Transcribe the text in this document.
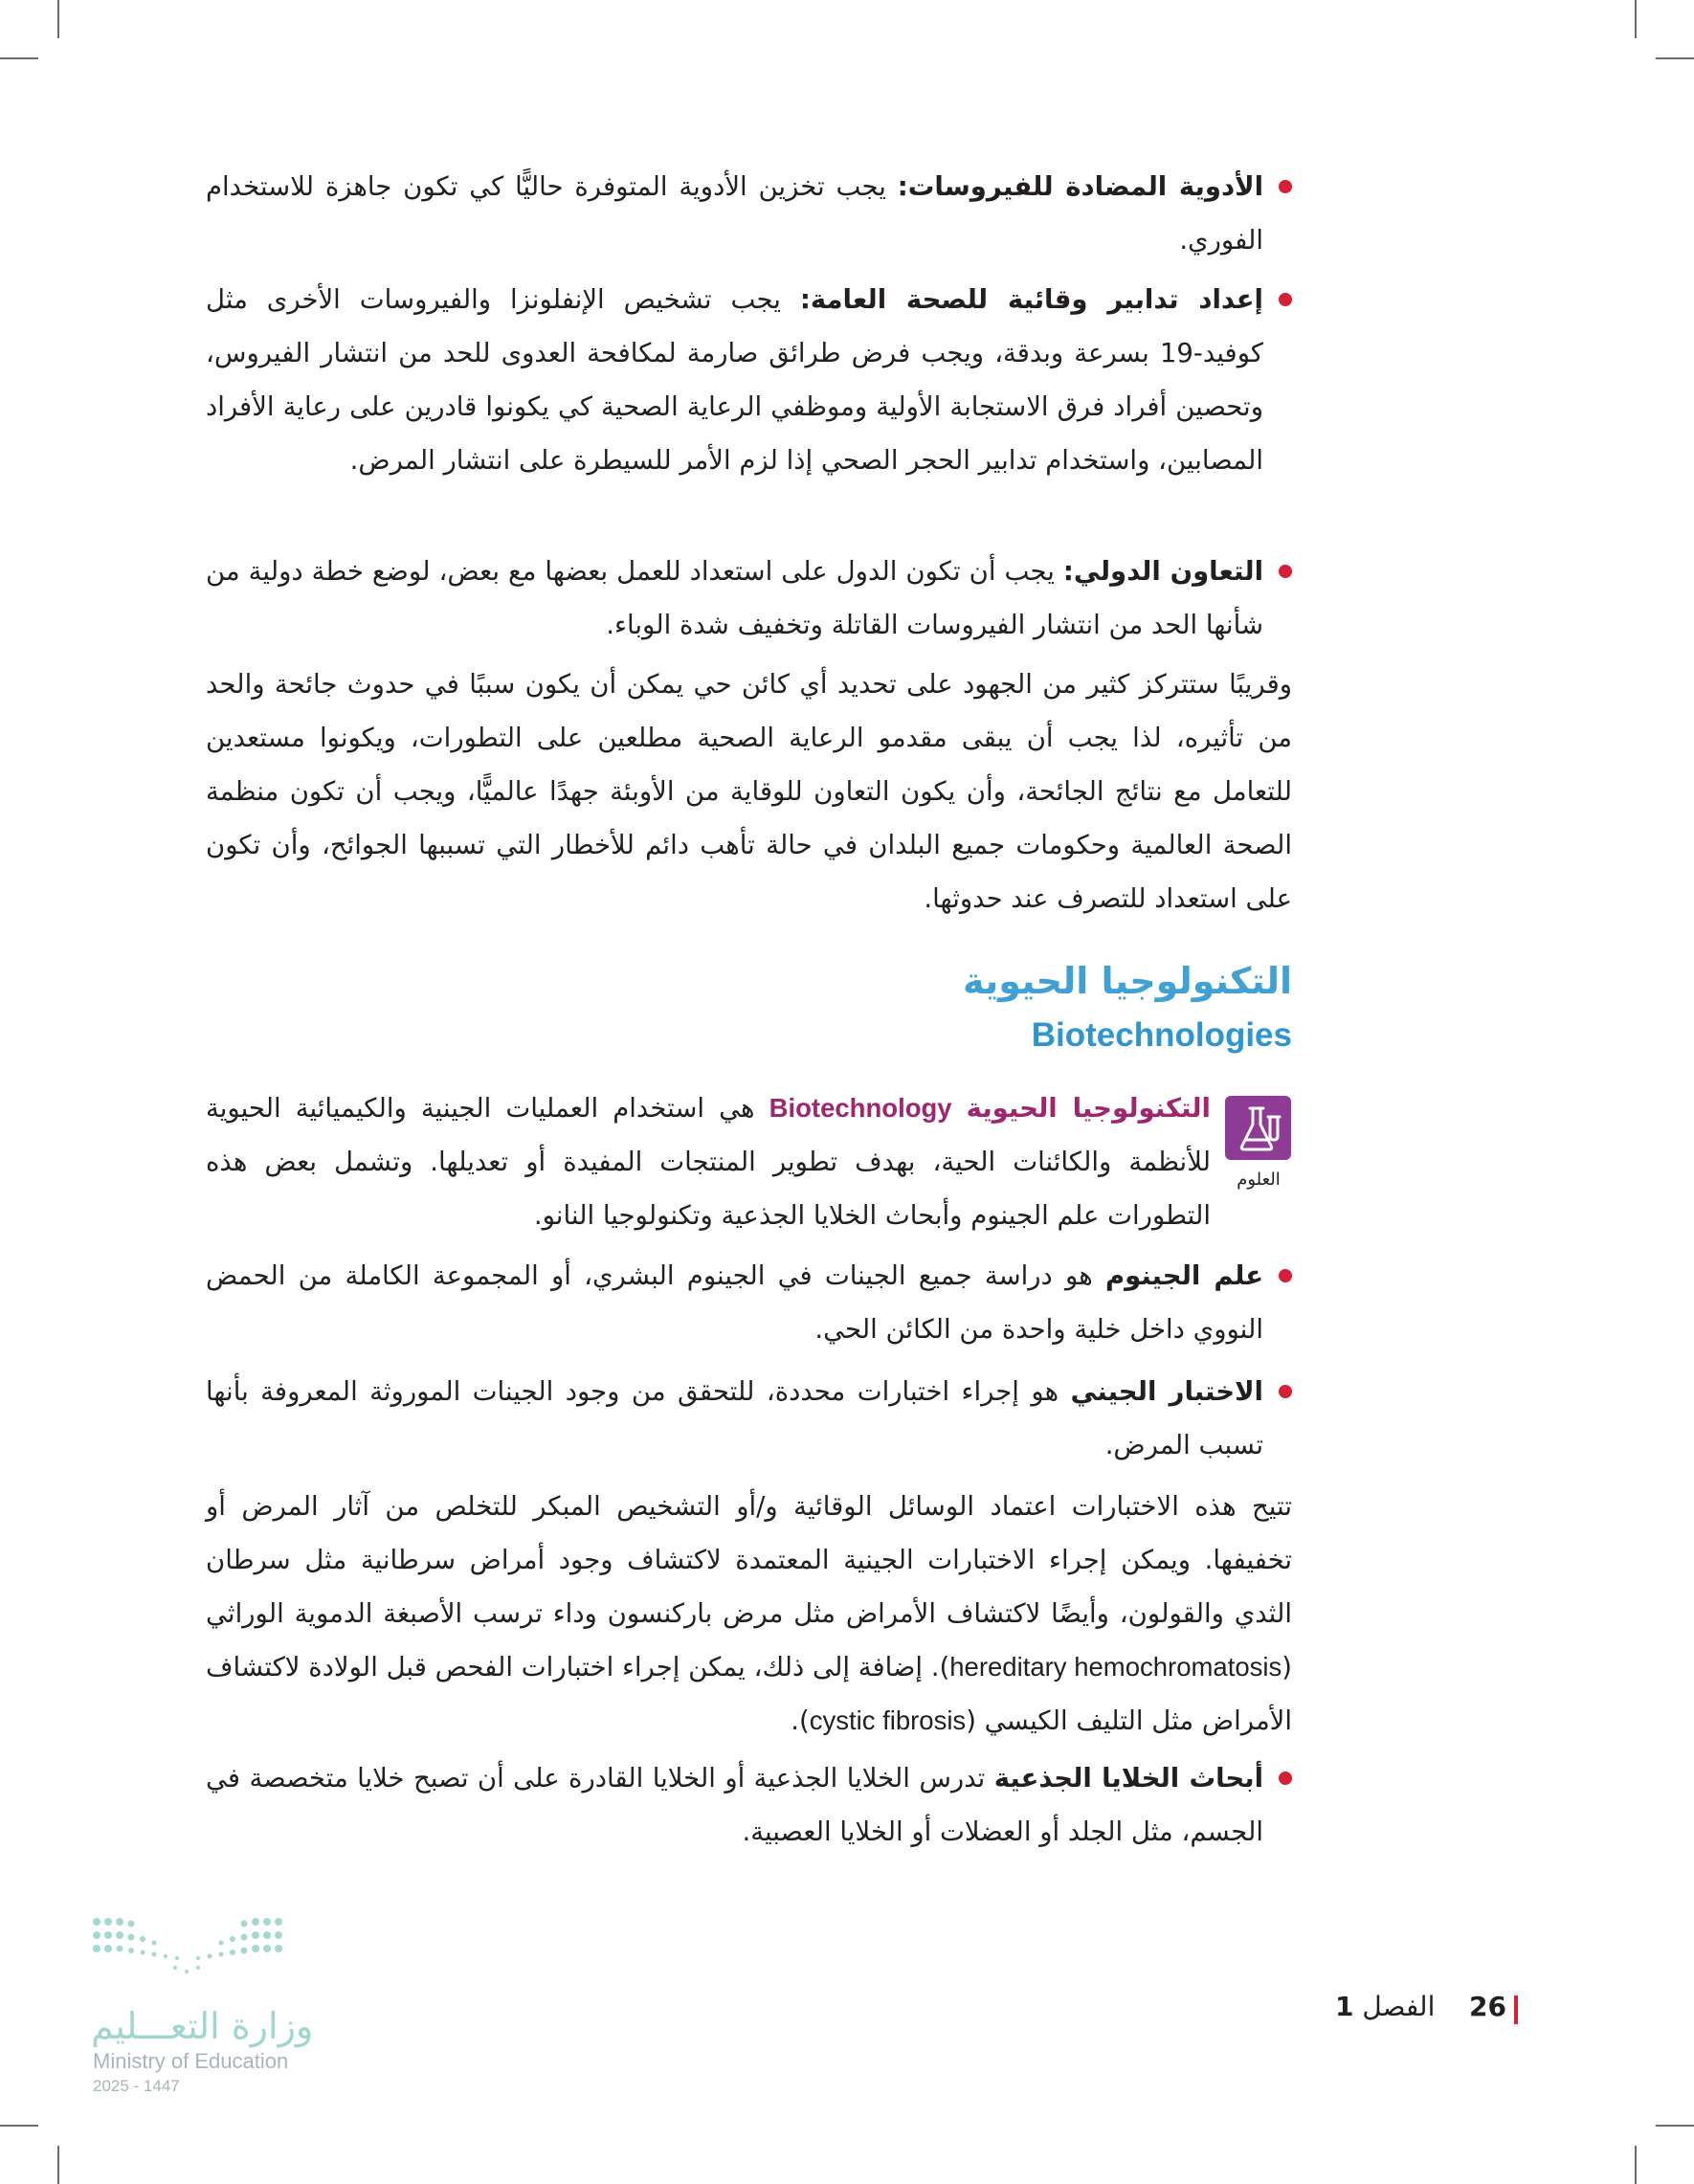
الأدوية المضادة للفيروسات: يجب تخزين الأدوية المتوفرة حاليًّا كي تكون جاهزة للاستخدام الفوري.
إعداد تدابير وقائية للصحة العامة: يجب تشخيص الإنفلونزا والفيروسات الأخرى مثل كوفيد-19 بسرعة وبدقة، ويجب فرض طرائق صارمة لمكافحة العدوى للحد من انتشار الفيروس، وتحصين أفراد فرق الاستجابة الأولية وموظفي الرعاية الصحية كي يكونوا قادرين على رعاية الأفراد المصابين، واستخدام تدابير الحجر الصحي إذا لزم الأمر للسيطرة على انتشار المرض.
التعاون الدولي: يجب أن تكون الدول على استعداد للعمل بعضها مع بعض، لوضع خطة دولية من شأنها الحد من انتشار الفيروسات القاتلة وتخفيف شدة الوباء.
وقريبًا ستتركز كثير من الجهود على تحديد أي كائن حي يمكن أن يكون سببًا في حدوث جائحة والحد من تأثيره، لذا يجب أن يبقى مقدمو الرعاية الصحية مطلعين على التطورات، ويكونوا مستعدين للتعامل مع نتائج الجائحة، وأن يكون التعاون للوقاية من الأوبئة جهدًا عالميًّا، ويجب أن تكون منظمة الصحة العالمية وحكومات جميع البلدان في حالة تأهب دائم للأخطار التي تسببها الجوائح، وأن تكون على استعداد للتصرف عند حدوثها.
التكنولوجيا الحيوية
Biotechnologies
العلوم
التكنولوجيا الحيوية Biotechnology هي استخدام العمليات الجينية والكيميائية الحيوية للأنظمة والكائنات الحية، بهدف تطوير المنتجات المفيدة أو تعديلها. وتشمل بعض هذه التطورات علم الجينوم وأبحاث الخلايا الجذعية وتكنولوجيا النانو.
علم الجينوم هو دراسة جميع الجينات في الجينوم البشري، أو المجموعة الكاملة من الحمض النووي داخل خلية واحدة من الكائن الحي.
الاختبار الجيني هو إجراء اختبارات محددة، للتحقق من وجود الجينات الموروثة المعروفة بأنها تسبب المرض.
تتيح هذه الاختبارات اعتماد الوسائل الوقائية و/أو التشخيص المبكر للتخلص من آثار المرض أو تخفيفها. ويمكن إجراء الاختبارات الجينية المعتمدة لاكتشاف وجود أمراض سرطانية مثل سرطان الثدي والقولون، وأيضًا لاكتشاف الأمراض مثل مرض باركنسون وداء ترسب الأصبغة الدموية الوراثي (hereditary hemochromatosis). إضافة إلى ذلك، يمكن إجراء اختبارات الفحص قبل الولادة لاكتشاف الأمراض مثل التليف الكيسي (cystic fibrosis).
أبحاث الخلايا الجذعية تدرس الخلايا الجذعية أو الخلايا القادرة على أن تصبح خلايا متخصصة في الجسم، مثل الجلد أو العضلات أو الخلايا العصبية.
وزارة التعـــليم
Ministry of Education
2025 - 1447
26    الفصل 1
